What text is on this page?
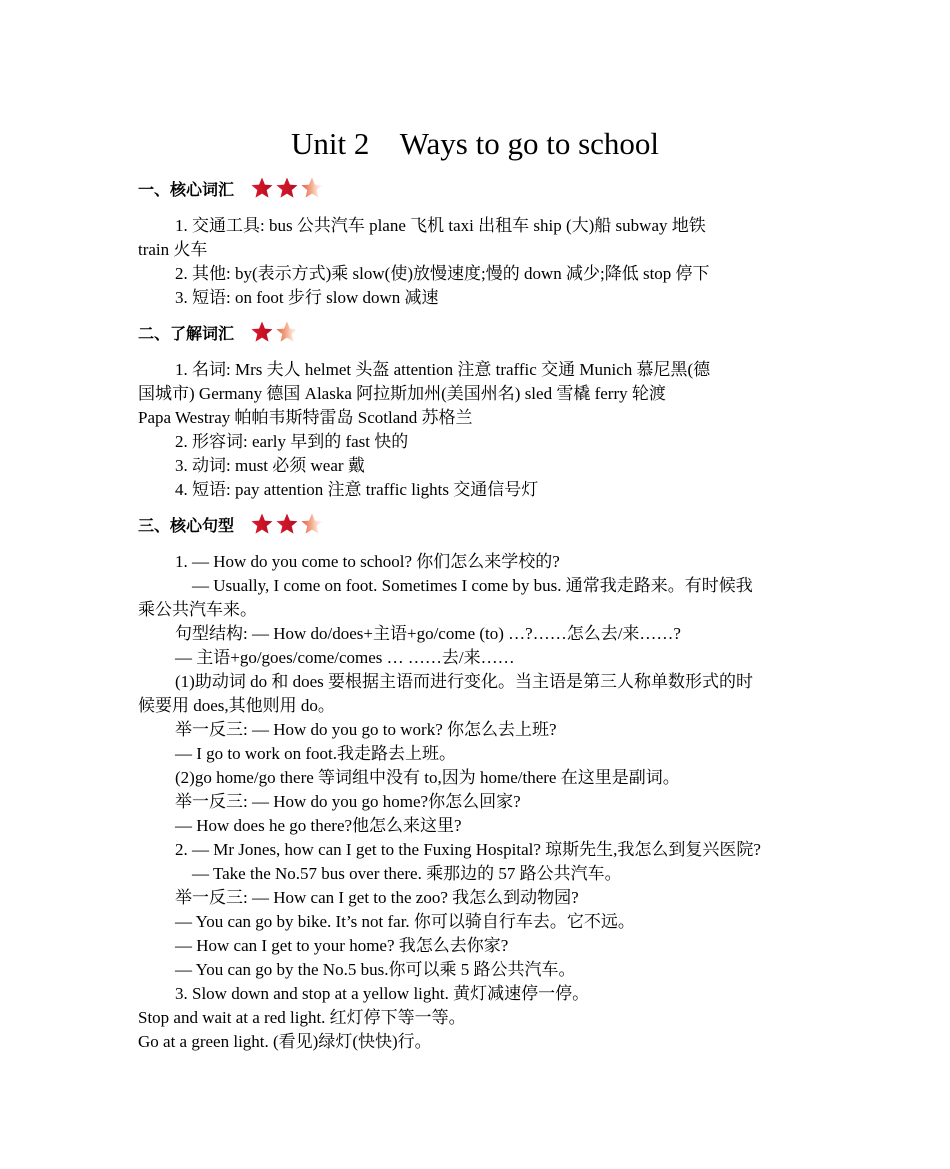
Unit 2    Ways to go to school
一、核心词汇
1. 交通工具: bus 公共汽车 plane 飞机 taxi 出租车 ship (大)船 subway 地铁
train 火车
2. 其他: by(表示方式)乘 slow(使)放慢速度;慢的 down 减少;降低 stop 停下
3. 短语: on foot 步行 slow down 减速
二、了解词汇
1. 名词: Mrs 夫人 helmet 头盔 attention 注意 traffic 交通 Munich 慕尼黑(德
国城市) Germany 德国 Alaska 阿拉斯加州(美国州名) sled 雪橇 ferry 轮渡
Papa Westray 帕帕韦斯特雷岛 Scotland 苏格兰
2. 形容词: early 早到的 fast 快的
3. 动词: must 必须 wear 戴
4. 短语: pay attention 注意 traffic lights 交通信号灯
三、核心句型
1. — How do you come to school? 你们怎么来学校的?
— Usually, I come on foot. Sometimes I come by bus. 通常我走路来。有时候我
乘公共汽车来。
句型结构: — How do/does+主语+go/come (to) …?……怎么去/来……?
— 主语+go/goes/come/comes … ……去/来……
(1)助动词 do 和 does 要根据主语而进行变化。当主语是第三人称单数形式的时
候要用 does,其他则用 do。
举一反三: — How do you go to work? 你怎么去上班?
— I go to work on foot.我走路去上班。
(2)go home/go there 等词组中没有 to,因为 home/there 在这里是副词。
举一反三: — How do you go home?你怎么回家?
— How does he go there?他怎么来这里?
2. — Mr Jones, how can I get to the Fuxing Hospital? 琼斯先生,我怎么到复兴医院?
— Take the No.57 bus over there. 乘那边的 57 路公共汽车。
举一反三: — How can I get to the zoo? 我怎么到动物园?
— You can go by bike. It’s not far. 你可以骑自行车去。它不远。
— How can I get to your home? 我怎么去你家?
— You can go by the No.5 bus.你可以乘 5 路公共汽车。
3. Slow down and stop at a yellow light. 黄灯减速停一停。
Stop and wait at a red light. 红灯停下等一等。
Go at a green light. (看见)绿灯(快快)行。
